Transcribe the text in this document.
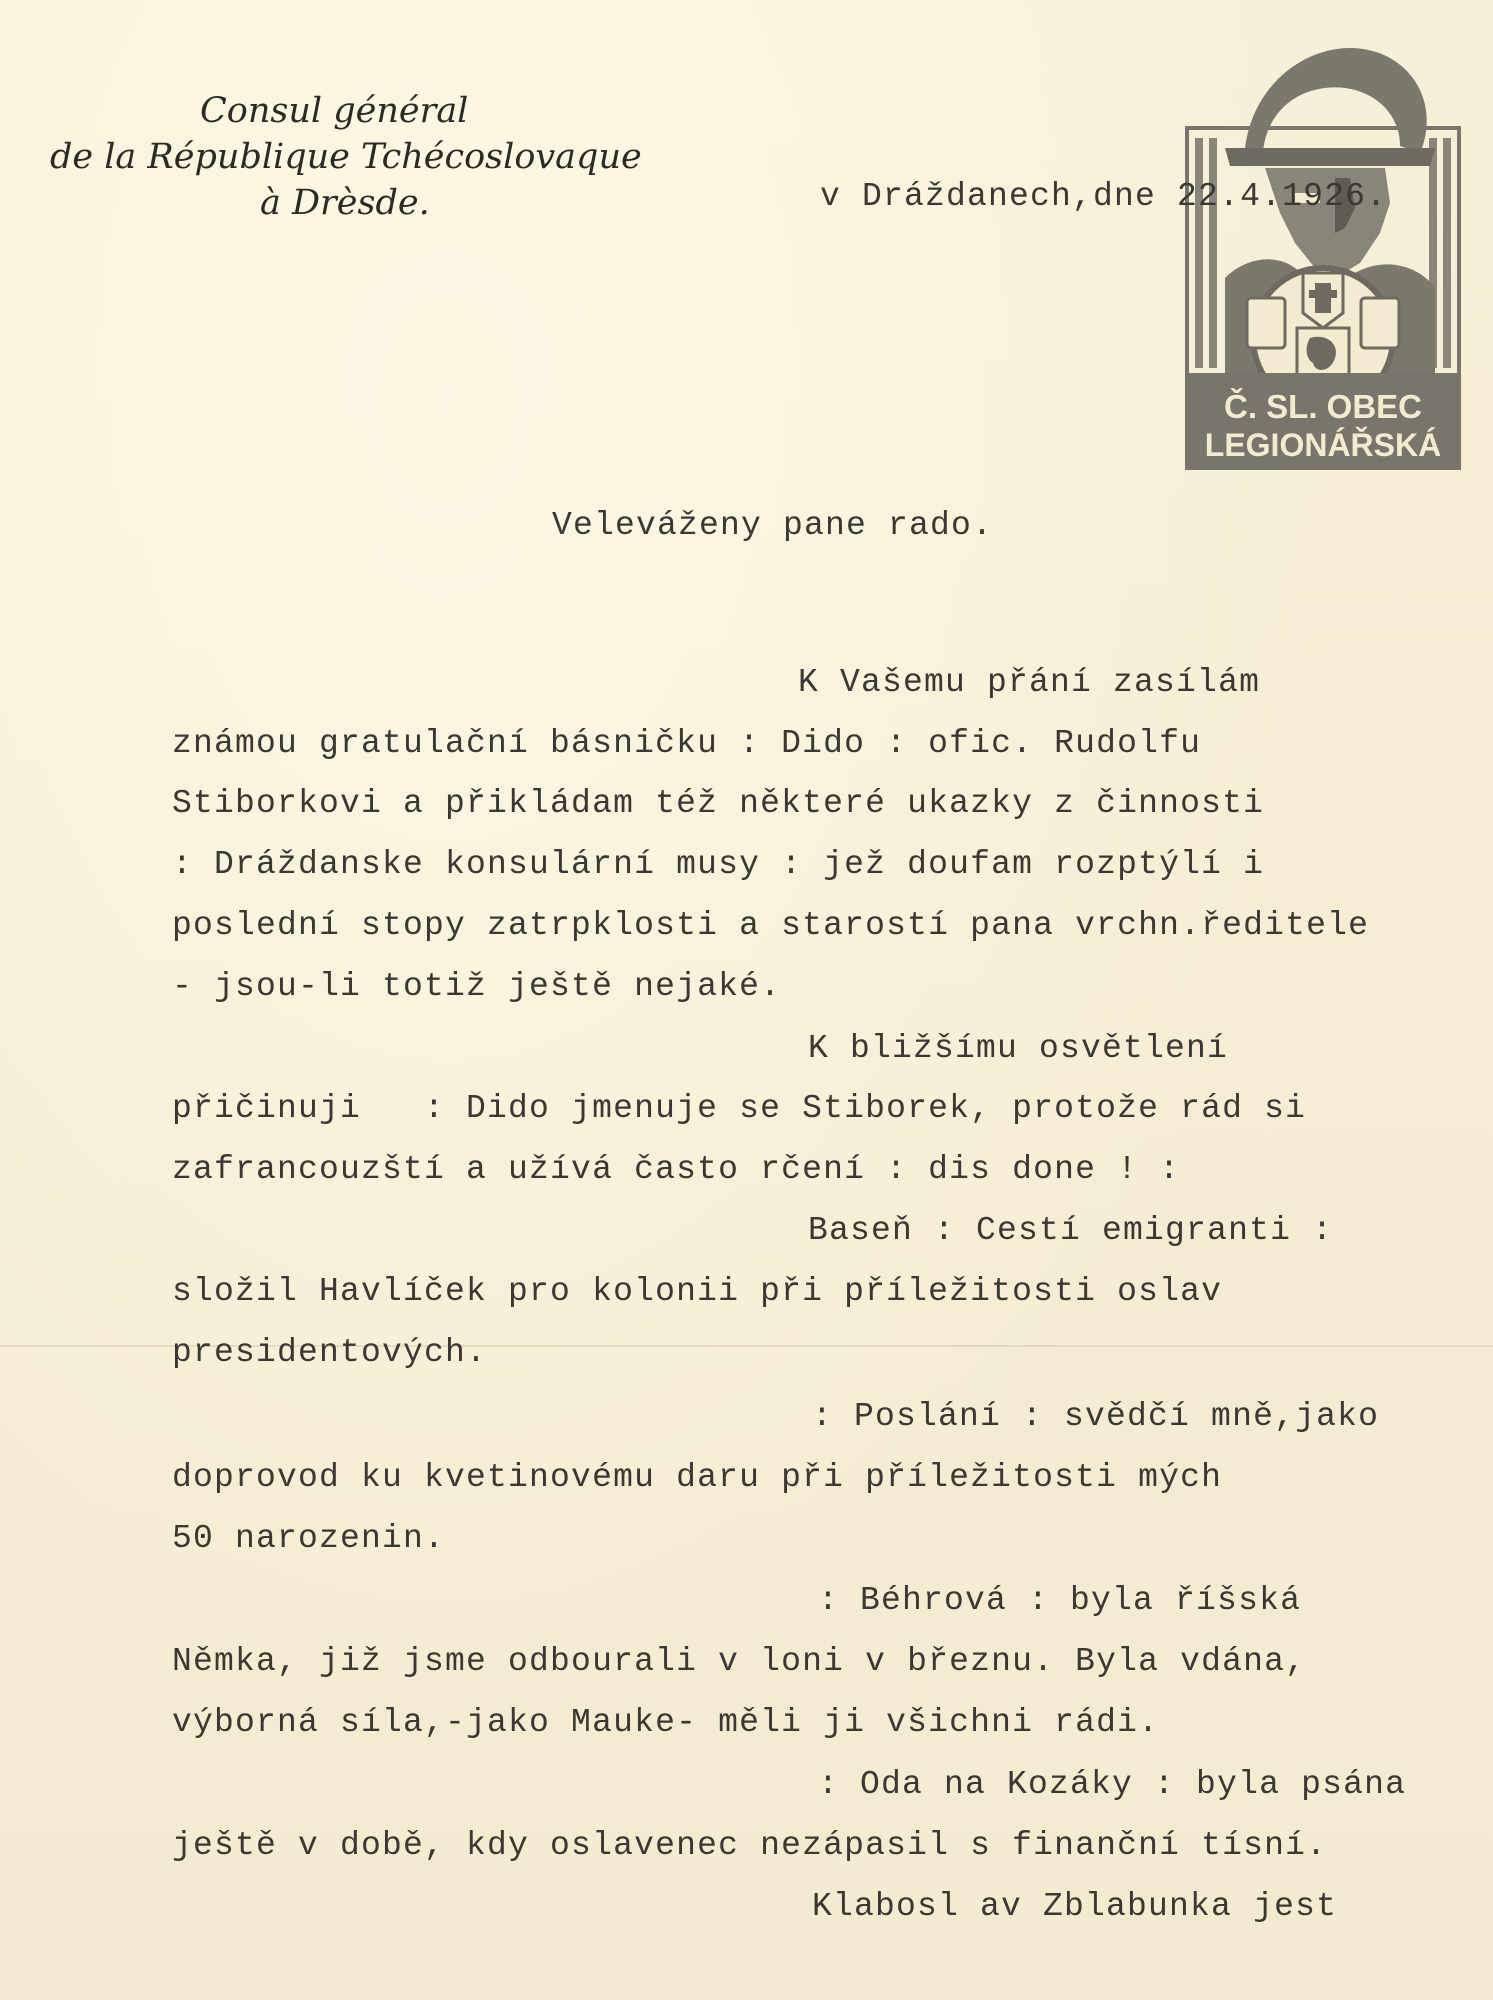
Consul général
de la République Tchécoslovaque
à Drèsde.
Č. SL. OBEC
LEGIONÁŘSKÁ
v Dráždanech,dne 22.4.1926.
Veleváženy pane rado.
K Vašemu přání zasílám
známou gratulační básničku : Dido : ofic. Rudolfu
Stiborkovi a přikládam též některé ukazky z činnosti
: Dráždanske konsulární musy : jež doufam rozptýlí i
poslední stopy zatrpklosti a starostí pana vrchn.ředitele
- jsou-li totiž ještě nejaké.
K bližšímu osvětlení
přičinuji   : Dido jmenuje se Stiborek, protože rád si
zafrancouzští a užívá často rčení : dis done ! :
Baseň : Cestí emigranti :
složil Havlíček pro kolonii při příležitosti oslav
presidentových.
: Poslání : svědčí mně,jako
doprovod ku kvetinovému daru při příležitosti mých
50 narozenin.
: Béhrová : byla říšská
Němka, již jsme odbourali v loni v březnu. Byla vdána,
výborná síla,-jako Mauke- měli ji všichni rádi.
: Oda na Kozáky : byla psána
ještě v době, kdy oslavenec nezápasil s finanční tísní.
Klabosl av Zblabunka jest
